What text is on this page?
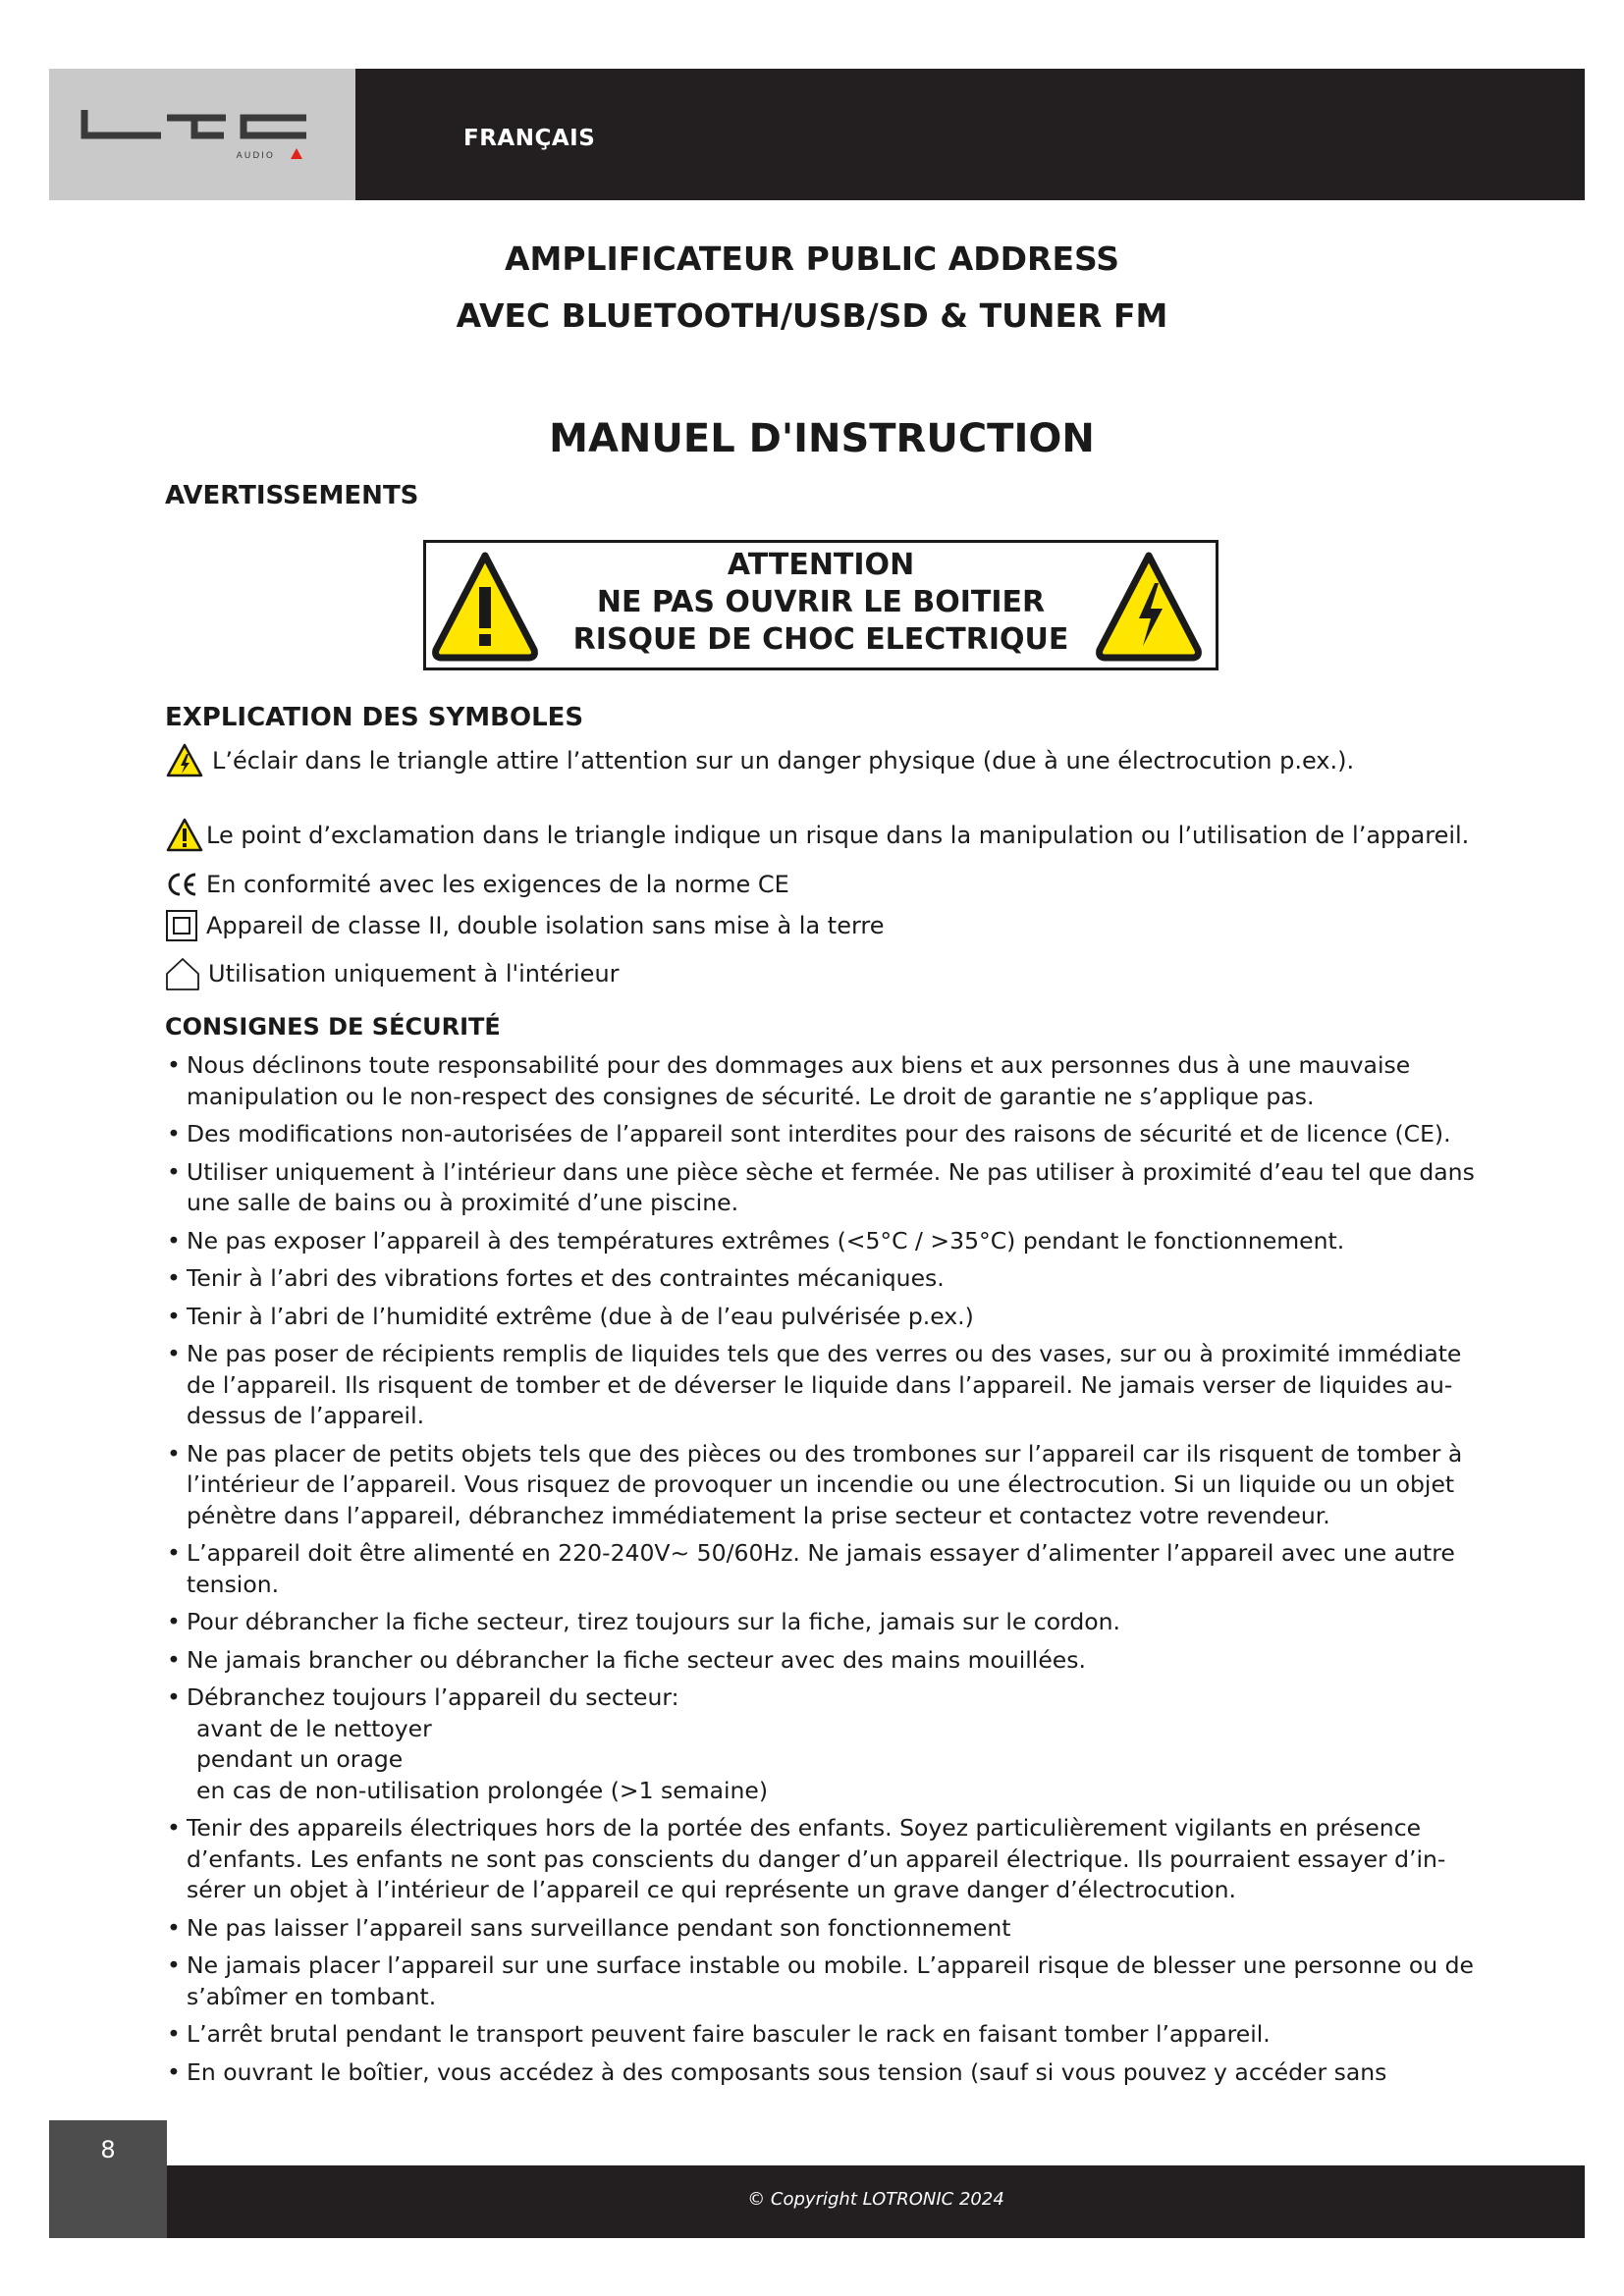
AUDIO
FRANÇAIS
AMPLIFICATEUR PUBLIC ADDRESS
AVEC BLUETOOTH/USB/SD & TUNER FM
MANUEL D'INSTRUCTION
AVERTISSEMENTS
ATTENTION
NE PAS OUVRIR LE BOITIER
RISQUE DE CHOC ELECTRIQUE
EXPLICATION DES SYMBOLES
L’éclair dans le triangle attire l’attention sur un danger physique (due à une électrocution p.ex.).
Le point d’exclamation dans le triangle indique un risque dans la manipulation ou l’utilisation de l’appareil.
En conformité avec les exigences de la norme CE
Appareil de classe II, double isolation sans mise à la terre
Utilisation uniquement à l'intérieur
CONSIGNES DE SÉCURITÉ
• Nous déclinons toute responsabilité pour des dommages aux biens et aux personnes dus à une mauvaise manipulation ou le non-respect des consignes de sécurité. Le droit de garantie ne s’applique pas.
• Des modifications non-autorisées de l’appareil sont interdites pour des raisons de sécurité et de licence (CE).
• Utiliser uniquement à l’intérieur dans une pièce sèche et fermée. Ne pas utiliser à proximité d’eau tel que dans une salle de bains ou à proximité d’une piscine.
• Ne pas exposer l’appareil à des températures extrêmes (<5°C / >35°C) pendant le fonctionnement.
• Tenir à l’abri des vibrations fortes et des contraintes mécaniques.
• Tenir à l’abri de l’humidité extrême (due à de l’eau pulvérisée p.ex.)
• Ne pas poser de récipients remplis de liquides tels que des verres ou des vases, sur ou à proximité immédiate de l’appareil. Ils risquent de tomber et de déverser le liquide dans l’appareil. Ne jamais verser de liquides au-dessus de l’appareil.
• Ne pas placer de petits objets tels que des pièces ou des trombones sur l’appareil car ils risquent de tomber à l’intérieur de l’appareil. Vous risquez de provoquer un incendie ou une électrocution. Si un liquide ou un objet pénètre dans l’appareil, débranchez immédiatement la prise secteur et contactez votre revendeur.
• L’appareil doit être alimenté en 220-240V~ 50/60Hz. Ne jamais essayer d’alimenter l’appareil avec une autre tension.
• Pour débrancher la fiche secteur, tirez toujours sur la fiche, jamais sur le cordon.
• Ne jamais brancher ou débrancher la fiche secteur avec des mains mouillées.
• Débranchez toujours l’appareil du secteur:
avant de le nettoyer
pendant un orage
en cas de non-utilisation prolongée (>1 semaine)
• Tenir des appareils électriques hors de la portée des enfants. Soyez particulièrement vigilants en présence d’enfants. Les enfants ne sont pas conscients du danger d’un appareil électrique. Ils pourraient essayer d’in-sérer un objet à l’intérieur de l’appareil ce qui représente un grave danger d’électrocution.
• Ne pas laisser l’appareil sans surveillance pendant son fonctionnement
• Ne jamais placer l’appareil sur une surface instable ou mobile. L’appareil risque de blesser une personne ou de s’abîmer en tombant.
• L’arrêt brutal pendant le transport peuvent faire basculer le rack en faisant tomber l’appareil.
• En ouvrant le boîtier, vous accédez à des composants sous tension (sauf si vous pouvez y accéder sans
8
© Copyright LOTRONIC 2024
